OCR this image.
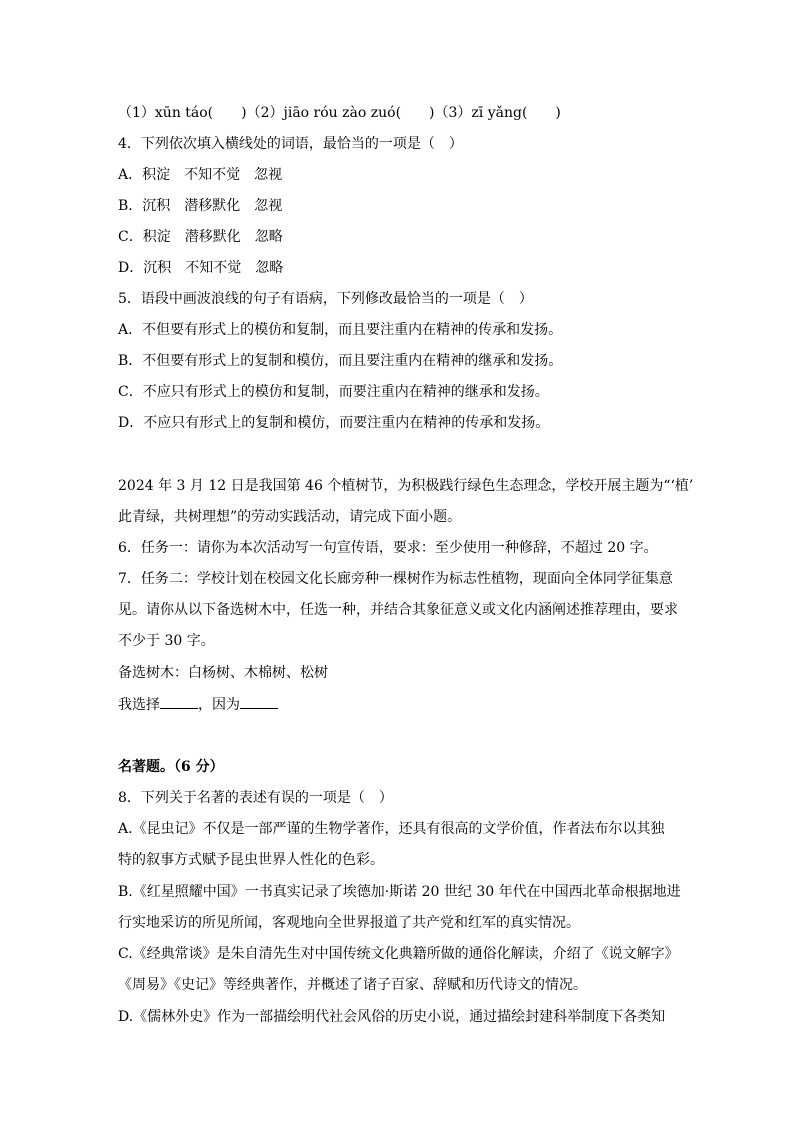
（1）xūn táo(　　)（2）jiāo róu zào zuó(　　)（3）zī yǎng(　　)
4．下列依次填入横线处的词语，最恰当的一项是（　）
A．积淀　不知不觉　忽视
B．沉积　潜移默化　忽视
C．积淀　潜移默化　忽略
D．沉积　不知不觉　忽略
5．语段中画波浪线的句子有语病，下列修改最恰当的一项是（　）
A．不但要有形式上的模仿和复制，而且要注重内在精神的传承和发扬。
B．不但要有形式上的复制和模仿，而且要注重内在精神的继承和发扬。
C．不应只有形式上的模仿和复制，而要注重内在精神的继承和发扬。
D．不应只有形式上的复制和模仿，而要注重内在精神的传承和发扬。
2024 年 3 月 12 日是我国第 46 个植树节，为积极践行绿色生态理念，学校开展主题为“‘植’
此青绿，共树理想”的劳动实践活动，请完成下面小题。
6．任务一：请你为本次活动写一句宣传语，要求：至少使用一种修辞，不超过 20 字。
7．任务二：学校计划在校园文化长廊旁种一棵树作为标志性植物，现面向全体同学征集意
见。请你从以下备选树木中，任选一种，并结合其象征意义或文化内涵阐述推荐理由，要求
不少于 30 字。
备选树木：白杨树、木棉树、松树
我选择	，因为
名著题。（6 分）
8．下列关于名著的表述有误的一项是（　）
A.《昆虫记》不仅是一部严谨的生物学著作，还具有很高的文学价值，作者法布尔以其独
特的叙事方式赋予昆虫世界人性化的色彩。
B.《红星照耀中国》一书真实记录了埃德加·斯诺 20 世纪 30 年代在中国西北革命根据地进
行实地采访的所见所闻，客观地向全世界报道了共产党和红军的真实情况。
C.《经典常谈》是朱自清先生对中国传统文化典籍所做的通俗化解读，介绍了《说文解字》
《周易》《史记》等经典著作，并概述了诸子百家、辞赋和历代诗文的情况。
D.《儒林外史》作为一部描绘明代社会风俗的历史小说，通过描绘封建科举制度下各类知
